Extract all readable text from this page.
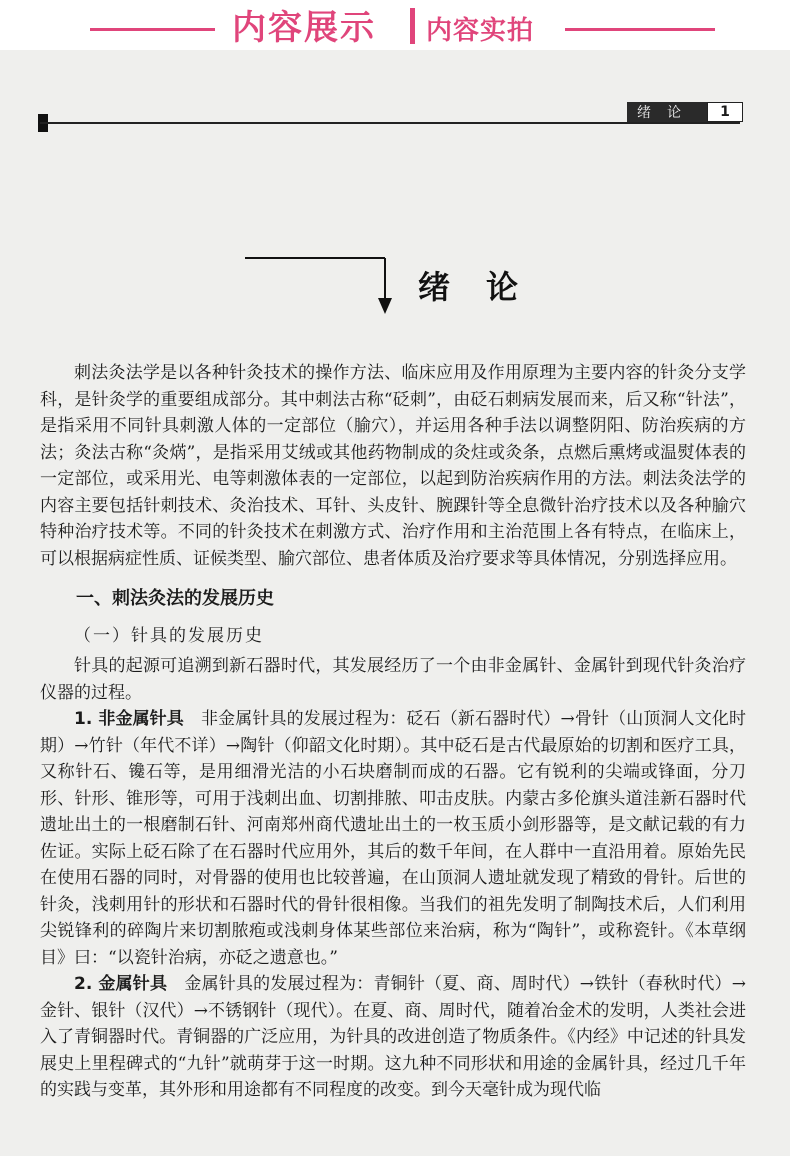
内容展示 内容实拍
绪论	1
绪论

刺法灸法学是以各种针灸技术的操作方法、临床应用及作用原理为主要内容的针灸分支学科，是针灸学的重要组成部分。其中刺法古称“砭刺”，由砭石刺病发展而来，后又称“针法”，是指采用不同针具刺激人体的一定部位（腧穴），并运用各种手法以调整阴阳、防治疾病的方法；灸法古称“灸焫”，是指采用艾绒或其他药物制成的灸炷或灸条，点燃后熏烤或温熨体表的一定部位，或采用光、电等刺激体表的一定部位，以起到防治疾病作用的方法。刺法灸法学的内容主要包括针刺技术、灸治技术、耳针、头皮针、腕踝针等全息微针治疗技术以及各种腧穴特种治疗技术等。不同的针灸技术在刺激方式、治疗作用和主治范围上各有特点，在临床上，可以根据病症性质、证候类型、腧穴部位、患者体质及治疗要求等具体情况，分别选择应用。

一、刺法灸法的发展历史
（一）针具的发展历史

针具的起源可追溯到新石器时代，其发展经历了一个由非金属针、金属针到现代针灸治疗仪器的过程。

1. 非金属针具　 非金属针具的发展过程为：砭石（新石器时代）→骨针（山顶洞人文化时期）→竹针（年代不详）→陶针（仰韶文化时期）。其中砭石是古代最原始的切割和医疗工具，又称针石、镵石等，是用细滑光洁的小石块磨制而成的石器。它有锐利的尖端或锋面，分刀形、针形、锥形等，可用于浅刺出血、切割排脓、叩击皮肤。内蒙古多伦旗头道洼新石器时代遗址出土的一根磨制石针、河南郑州商代遗址出土的一枚玉质小剑形器等，是文献记载的有力佐证。实际上砭石除了在石器时代应用外，其后的数千年间，在人群中一直沿用着。原始先民在使用石器的同时，对骨器的使用也比较普遍，在山顶洞人遗址就发现了精致的骨针。后世的针灸，浅刺用针的形状和石器时代的骨针很相像。当我们的祖先发明了制陶技术后，人们利用尖锐锋利的碎陶片来切割脓疱或浅刺身体某些部位来治病，称为“陶针”，或称瓷针。《本草纲目》曰：“以瓷针治病，亦砭之遗意也。”

2. 金属针具　 金属针具的发展过程为：青铜针（夏、商、周时代）→铁针（春秋时代）→金针、银针（汉代）→不锈钢针（现代）。在夏、商、周时代，随着冶金术的发明，人类社会进入了青铜器时代。青铜器的广泛应用，为针具的改进创造了物质条件。《内经》中记述的针具发展史上里程碑式的“九针”就萌芽于这一时期。这九种不同形状和用途的金属针具，经过几千年的实践与变革，其外形和用途都有不同程度的改变。到今天毫针成为现代临
